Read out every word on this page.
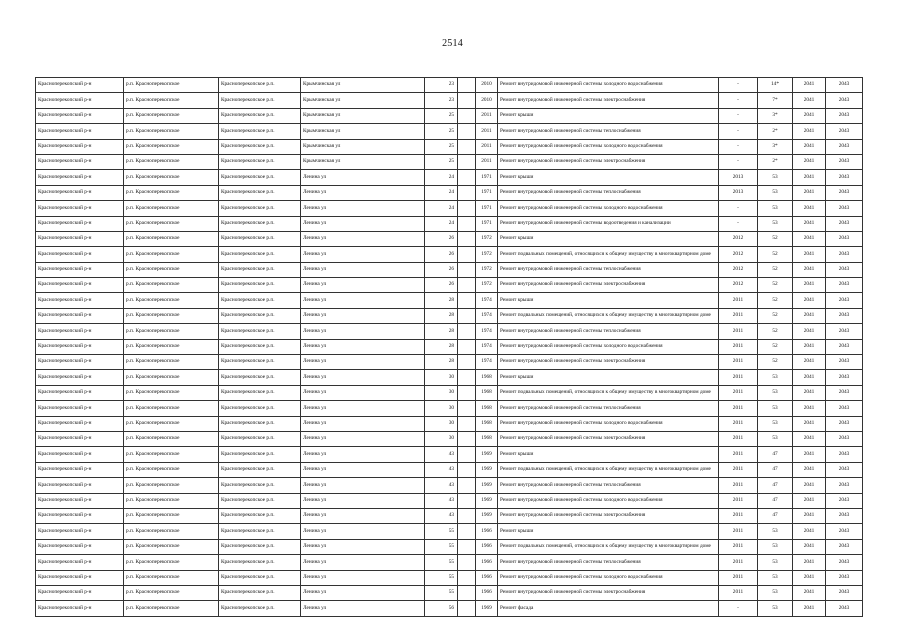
2514
Красноперекопский р-н	р.п. Красноперекопское	Красноперекопское р.п.	Крымчинская ул	23		2010	Ремонт внутридомовой инженерной системы холодного водоснабжения	-	14*	2041	2043
Красноперекопский р-н	р.п. Красноперекопское	Красноперекопское р.п.	Крымчинская ул	23		2010	Ремонт внутридомовой инженерной системы электроснабжения	-	7*	2041	2043
Красноперекопский р-н	р.п. Красноперекопское	Красноперекопское р.п.	Крымчинская ул	25		2011	Ремонт крыши	-	3*	2041	2043
Красноперекопский р-н	р.п. Красноперекопское	Красноперекопское р.п.	Крымчинская ул	25		2011	Ремонт внутридомовой инженерной системы теплоснабжения	-	2*	2041	2043
Красноперекопский р-н	р.п. Красноперекопское	Красноперекопское р.п.	Крымчинская ул	25		2011	Ремонт внутридомовой инженерной системы холодного водоснабжения	-	3*	2041	2043
Красноперекопский р-н	р.п. Красноперекопское	Красноперекопское р.п.	Крымчинская ул	25		2011	Ремонт внутридомовой инженерной системы электроснабжения	-	2*	2041	2043
Красноперекопский р-н	р.п. Красноперекопское	Красноперекопское р.п.	Ленина ул	24		1971	Ремонт крыши	2013	53	2041	2043
Красноперекопский р-н	р.п. Красноперекопское	Красноперекопское р.п.	Ленина ул	24		1971	Ремонт внутридомовой инженерной системы теплоснабжения	2013	53	2041	2043
Красноперекопский р-н	р.п. Красноперекопское	Красноперекопское р.п.	Ленина ул	24		1971	Ремонт внутридомовой инженерной системы холодного водоснабжения	-	53	2041	2043
Красноперекопский р-н	р.п. Красноперекопское	Красноперекопское р.п.	Ленина ул	24		1971	Ремонт внутридомовой инженерной системы водоотведения и канализации	-	53	2041	2043
Красноперекопский р-н	р.п. Красноперекопское	Красноперекопское р.п.	Ленина ул	26		1972	Ремонт крыши	2012	52	2041	2043
Красноперекопский р-н	р.п. Красноперекопское	Красноперекопское р.п.	Ленина ул	26		1972	Ремонт подвальных помещений, относящихся к общему имуществу в многоквартирном доме	2012	52	2041	2043
Красноперекопский р-н	р.п. Красноперекопское	Красноперекопское р.п.	Ленина ул	26		1972	Ремонт внутридомовой инженерной системы теплоснабжения	2012	52	2041	2043
Красноперекопский р-н	р.п. Красноперекопское	Красноперекопское р.п.	Ленина ул	26		1972	Ремонт внутридомовой инженерной системы электроснабжения	2012	52	2041	2043
Красноперекопский р-н	р.п. Красноперекопское	Красноперекопское р.п.	Ленина ул	28		1974	Ремонт крыши	2011	52	2041	2043
Красноперекопский р-н	р.п. Красноперекопское	Красноперекопское р.п.	Ленина ул	28		1974	Ремонт подвальных помещений, относящихся к общему имуществу в многоквартирном доме	2011	52	2041	2043
Красноперекопский р-н	р.п. Красноперекопское	Красноперекопское р.п.	Ленина ул	28		1974	Ремонт внутридомовой инженерной системы теплоснабжения	2011	52	2041	2043
Красноперекопский р-н	р.п. Красноперекопское	Красноперекопское р.п.	Ленина ул	28		1974	Ремонт внутридомовой инженерной системы холодного водоснабжения	2011	52	2041	2043
Красноперекопский р-н	р.п. Красноперекопское	Красноперекопское р.п.	Ленина ул	28		1974	Ремонт внутридомовой инженерной системы электроснабжения	2011	52	2041	2043
Красноперекопский р-н	р.п. Красноперекопское	Красноперекопское р.п.	Ленина ул	30		1968	Ремонт крыши	2011	53	2041	2043
Красноперекопский р-н	р.п. Красноперекопское	Красноперекопское р.п.	Ленина ул	30		1968	Ремонт подвальных помещений, относящихся к общему имуществу в многоквартирном доме	2011	53	2041	2043
Красноперекопский р-н	р.п. Красноперекопское	Красноперекопское р.п.	Ленина ул	30		1968	Ремонт внутридомовой инженерной системы теплоснабжения	2011	53	2041	2043
Красноперекопский р-н	р.п. Красноперекопское	Красноперекопское р.п.	Ленина ул	30		1968	Ремонт внутридомовой инженерной системы холодного водоснабжения	2011	53	2041	2043
Красноперекопский р-н	р.п. Красноперекопское	Красноперекопское р.п.	Ленина ул	30		1968	Ремонт внутридомовой инженерной системы электроснабжения	2011	53	2041	2043
Красноперекопский р-н	р.п. Красноперекопское	Красноперекопское р.п.	Ленина ул	43		1969	Ремонт крыши	2011	47	2041	2043
Красноперекопский р-н	р.п. Красноперекопское	Красноперекопское р.п.	Ленина ул	43		1969	Ремонт подвальных помещений, относящихся к общему имуществу в многоквартирном доме	2011	47	2041	2043
Красноперекопский р-н	р.п. Красноперекопское	Красноперекопское р.п.	Ленина ул	43		1969	Ремонт внутридомовой инженерной системы теплоснабжения	2011	47	2041	2043
Красноперекопский р-н	р.п. Красноперекопское	Красноперекопское р.п.	Ленина ул	43		1969	Ремонт внутридомовой инженерной системы холодного водоснабжения	2011	47	2041	2043
Красноперекопский р-н	р.п. Красноперекопское	Красноперекопское р.п.	Ленина ул	43		1969	Ремонт внутридомовой инженерной системы электроснабжения	2011	47	2041	2043
Красноперекопский р-н	р.п. Красноперекопское	Красноперекопское р.п.	Ленина ул	55		1966	Ремонт крыши	2011	53	2041	2043
Красноперекопский р-н	р.п. Красноперекопское	Красноперекопское р.п.	Ленина ул	55		1966	Ремонт подвальных помещений, относящихся к общему имуществу в многоквартирном доме	2011	53	2041	2043
Красноперекопский р-н	р.п. Красноперекопское	Красноперекопское р.п.	Ленина ул	55		1966	Ремонт внутридомовой инженерной системы теплоснабжения	2011	53	2041	2043
Красноперекопский р-н	р.п. Красноперекопское	Красноперекопское р.п.	Ленина ул	55		1966	Ремонт внутридомовой инженерной системы холодного водоснабжения	2011	53	2041	2043
Красноперекопский р-н	р.п. Красноперекопское	Красноперекопское р.п.	Ленина ул	55		1966	Ремонт внутридомовой инженерной системы электроснабжения	2011	53	2041	2043
Красноперекопский р-н	р.п. Красноперекопское	Красноперекопское р.п.	Ленина ул	56		1969	Ремонт фасада	-	53	2041	2043
